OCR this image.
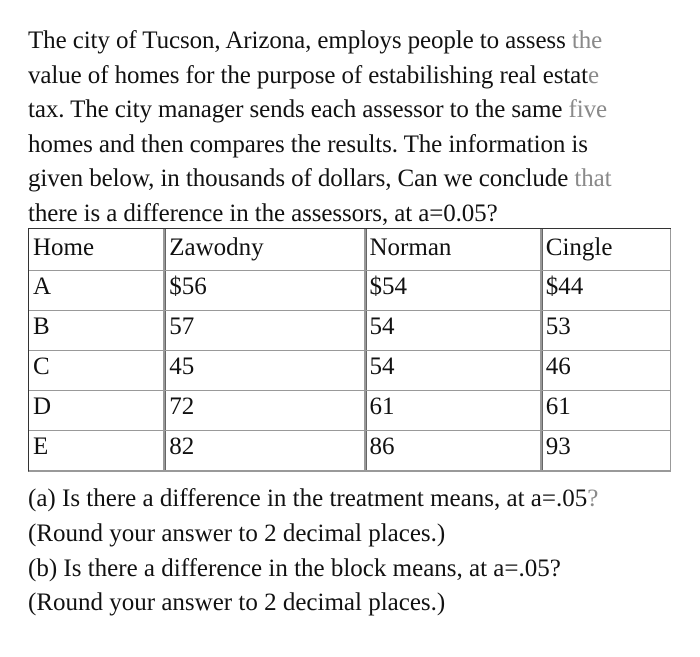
The city of Tucson, Arizona, employs people to assess the

value of homes for the purpose of estabilishing real estate

tax. The city manager sends each assessor to the same five

homes and then compares the results. The information is

given below, in thousands of dollars, Can we conclude that

there is a difference in the assessors, at a=0.05?

Home	Zawodny	Norman	Cingle
A	$56	$54	$44
B	57	54	53
C	45	54	46
D	72	61	61
E	82	86	93

(a) Is there a difference in the treatment means, at a=.05?

(Round your answer to 2 decimal places.)

(b) Is there a difference in the block means, at a=.05?

(Round your answer to 2 decimal places.)
